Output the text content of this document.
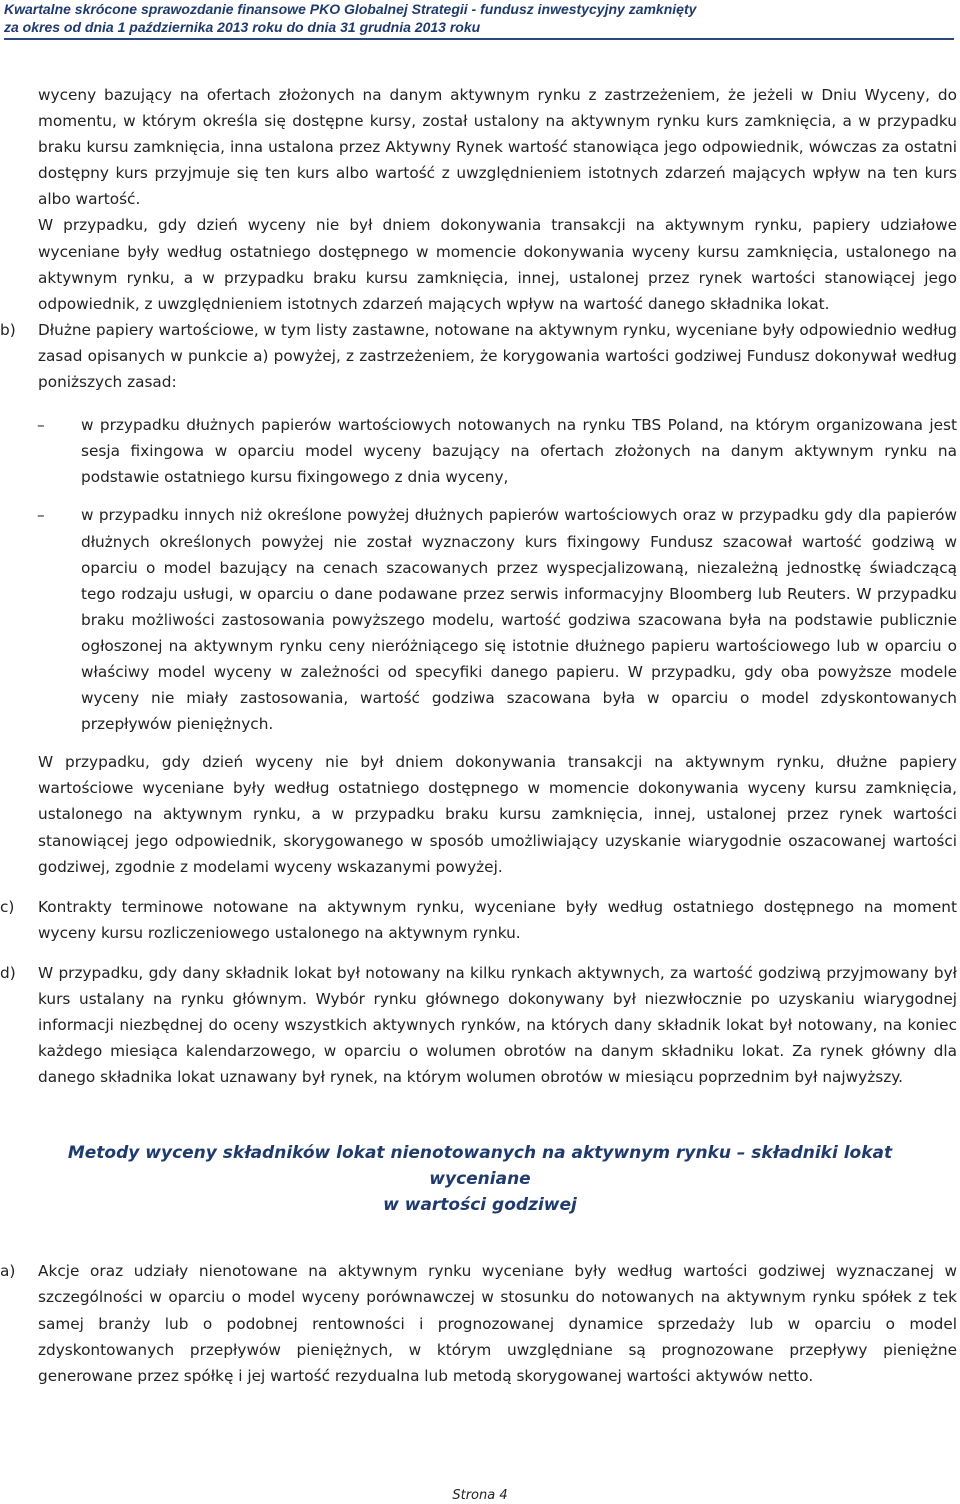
Kwartalne skrócone sprawozdanie finansowe PKO Globalnej Strategii - fundusz inwestycyjny zamknięty
za okres od dnia 1 października 2013 roku do dnia 31 grudnia 2013 roku
wyceny bazujący na ofertach złożonych na danym aktywnym rynku z zastrzeżeniem, że jeżeli w Dniu Wyceny, do momentu, w którym określa się dostępne kursy, został ustalony na aktywnym rynku kurs zamknięcia, a w przypadku braku kursu zamknięcia, inna ustalona przez Aktywny Rynek wartość stanowiąca jego odpowiednik, wówczas za ostatni dostępny kurs przyjmuje się ten kurs albo wartość z uwzględnieniem istotnych zdarzeń mających wpływ na ten kurs albo wartość.
W przypadku, gdy dzień wyceny nie był dniem dokonywania transakcji na aktywnym rynku, papiery udziałowe wyceniane były według ostatniego dostępnego w momencie dokonywania wyceny kursu zamknięcia, ustalonego na aktywnym rynku, a w przypadku braku kursu zamknięcia, innej, ustalonej przez rynek wartości stanowiącej jego odpowiednik, z uwzględnieniem istotnych zdarzeń mających wpływ na wartość danego składnika lokat.
b) Dłużne papiery wartościowe, w tym listy zastawne, notowane na aktywnym rynku, wyceniane były odpowiednio według zasad opisanych w punkcie a) powyżej, z zastrzeżeniem, że korygowania wartości godziwej Fundusz dokonywał według poniższych zasad:
– w przypadku dłużnych papierów wartościowych notowanych na rynku TBS Poland, na którym organizowana jest sesja fixingowa w oparciu model wyceny bazujący na ofertach złożonych na danym aktywnym rynku na podstawie ostatniego kursu fixingowego z dnia wyceny,
– w przypadku innych niż określone powyżej dłużnych papierów wartościowych oraz w przypadku gdy dla papierów dłużnych określonych powyżej nie został wyznaczony kurs fixingowy Fundusz szacował wartość godziwą w oparciu o model bazujący na cenach szacowanych przez wyspecjalizowaną, niezależną jednostkę świadczącą tego rodzaju usługi, w oparciu o dane podawane przez serwis informacyjny Bloomberg lub Reuters. W przypadku braku możliwości zastosowania powyższego modelu, wartość godziwa szacowana była na podstawie publicznie ogłoszonej na aktywnym rynku ceny nieróżniącego się istotnie dłużnego papieru wartościowego lub w oparciu o właściwy model wyceny w zależności od specyfiki danego papieru. W przypadku, gdy oba powyższe modele wyceny nie miały zastosowania, wartość godziwa szacowana była w oparciu o model zdyskontowanych przepływów pieniężnych.
W przypadku, gdy dzień wyceny nie był dniem dokonywania transakcji na aktywnym rynku, dłużne papiery wartościowe wyceniane były według ostatniego dostępnego w momencie dokonywania wyceny kursu zamknięcia, ustalonego na aktywnym rynku, a w przypadku braku kursu zamknięcia, innej, ustalonej przez rynek wartości stanowiącej jego odpowiednik, skorygowanego w sposób umożliwiający uzyskanie wiarygodnie oszacowanej wartości godziwej, zgodnie z modelami wyceny wskazanymi powyżej.
c) Kontrakty terminowe notowane na aktywnym rynku, wyceniane były według ostatniego dostępnego na moment wyceny kursu rozliczeniowego ustalonego na aktywnym rynku.
d) W przypadku, gdy dany składnik lokat był notowany na kilku rynkach aktywnych, za wartość godziwą przyjmowany był kurs ustalany na rynku głównym. Wybór rynku głównego dokonywany był niezwłocznie po uzyskaniu wiarygodnej informacji niezbędnej do oceny wszystkich aktywnych rynków, na których dany składnik lokat był notowany, na koniec każdego miesiąca kalendarzowego, w oparciu o wolumen obrotów na danym składniku lokat. Za rynek główny dla danego składnika lokat uznawany był rynek, na którym wolumen obrotów w miesiącu poprzednim był najwyższy.
Metody wyceny składników lokat nienotowanych na aktywnym rynku – składniki lokat wyceniane
w wartości godziwej
a) Akcje oraz udziały nienotowane na aktywnym rynku wyceniane były według wartości godziwej wyznaczanej w szczególności w oparciu o model wyceny porównawczej w stosunku do notowanych na aktywnym rynku spółek z tek samej branży lub o podobnej rentowności i prognozowanej dynamice sprzedaży lub w oparciu o model zdyskontowanych przepływów pieniężnych, w którym uwzględniane są prognozowane przepływy pieniężne generowane przez spółkę i jej wartość rezydualna lub metodą skorygowanej wartości aktywów netto.
Strona 4
